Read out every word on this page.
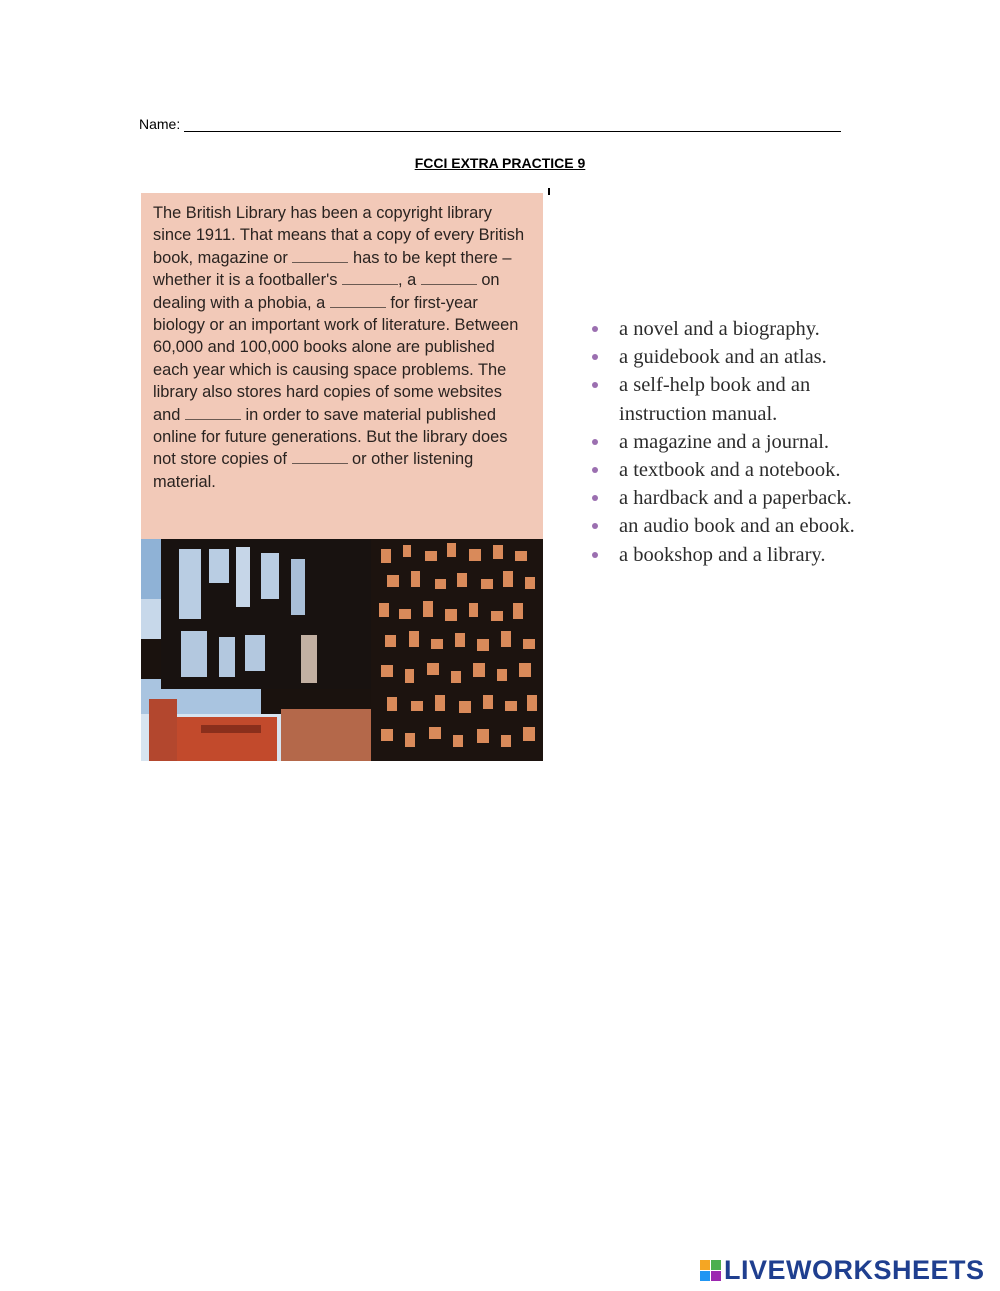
Name:
FCCI EXTRA PRACTICE 9
The British Library has been a copyright library since 1911. That means that a copy of every British book, magazine or	has to be kept there – whether it is a footballer's	, a	on dealing with a phobia, a	for first-year biology or an important work of literature. Between 60,000 and 100,000 books alone are published each year which is causing space problems. The library also stores hard copies of some websites and	in order to save material published online for future generations. But the library does not store copies of	or other listening material.
a novel and a biography.
a guidebook and an atlas.
a self-help book and an instruction manual.
a magazine and a journal.
a textbook and a notebook.
a hardback and a paperback.
an audio book and an ebook.
a bookshop and a library.
LIVEWORKSHEETS
